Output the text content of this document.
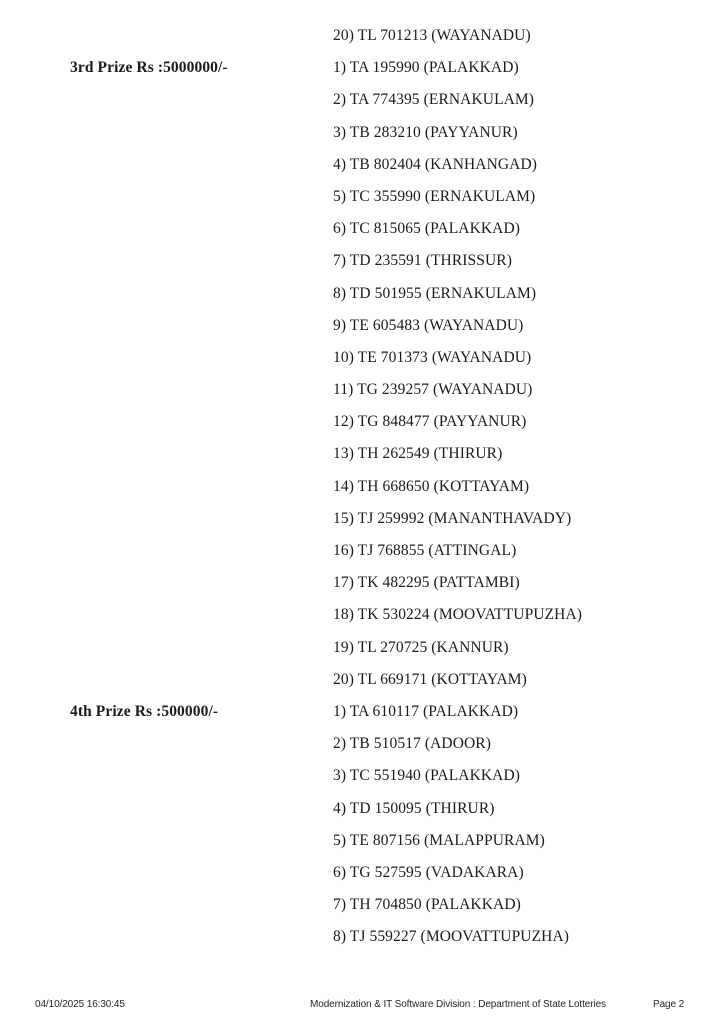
20) TL 701213 (WAYANADU)
3rd Prize Rs :5000000/-	1) TA 195990 (PALAKKAD)
2) TA 774395 (ERNAKULAM)
3) TB 283210 (PAYYANUR)
4) TB 802404 (KANHANGAD)
5) TC 355990 (ERNAKULAM)
6) TC 815065 (PALAKKAD)
7) TD 235591 (THRISSUR)
8) TD 501955 (ERNAKULAM)
9) TE 605483 (WAYANADU)
10) TE 701373 (WAYANADU)
11) TG 239257 (WAYANADU)
12) TG 848477 (PAYYANUR)
13) TH 262549 (THIRUR)
14) TH 668650 (KOTTAYAM)
15) TJ 259992 (MANANTHAVADY)
16) TJ 768855 (ATTINGAL)
17) TK 482295 (PATTAMBI)
18) TK 530224 (MOOVATTUPUZHA)
19) TL 270725 (KANNUR)
20) TL 669171 (KOTTAYAM)
4th Prize Rs :500000/-	1) TA 610117 (PALAKKAD)
2) TB 510517 (ADOOR)
3) TC 551940 (PALAKKAD)
4) TD 150095 (THIRUR)
5) TE 807156 (MALAPPURAM)
6) TG 527595 (VADAKARA)
7) TH 704850 (PALAKKAD)
8) TJ 559227 (MOOVATTUPUZHA)
04/10/2025 16:30:45	Modernization & IT Software Division : Department of State Lotteries	Page 2
